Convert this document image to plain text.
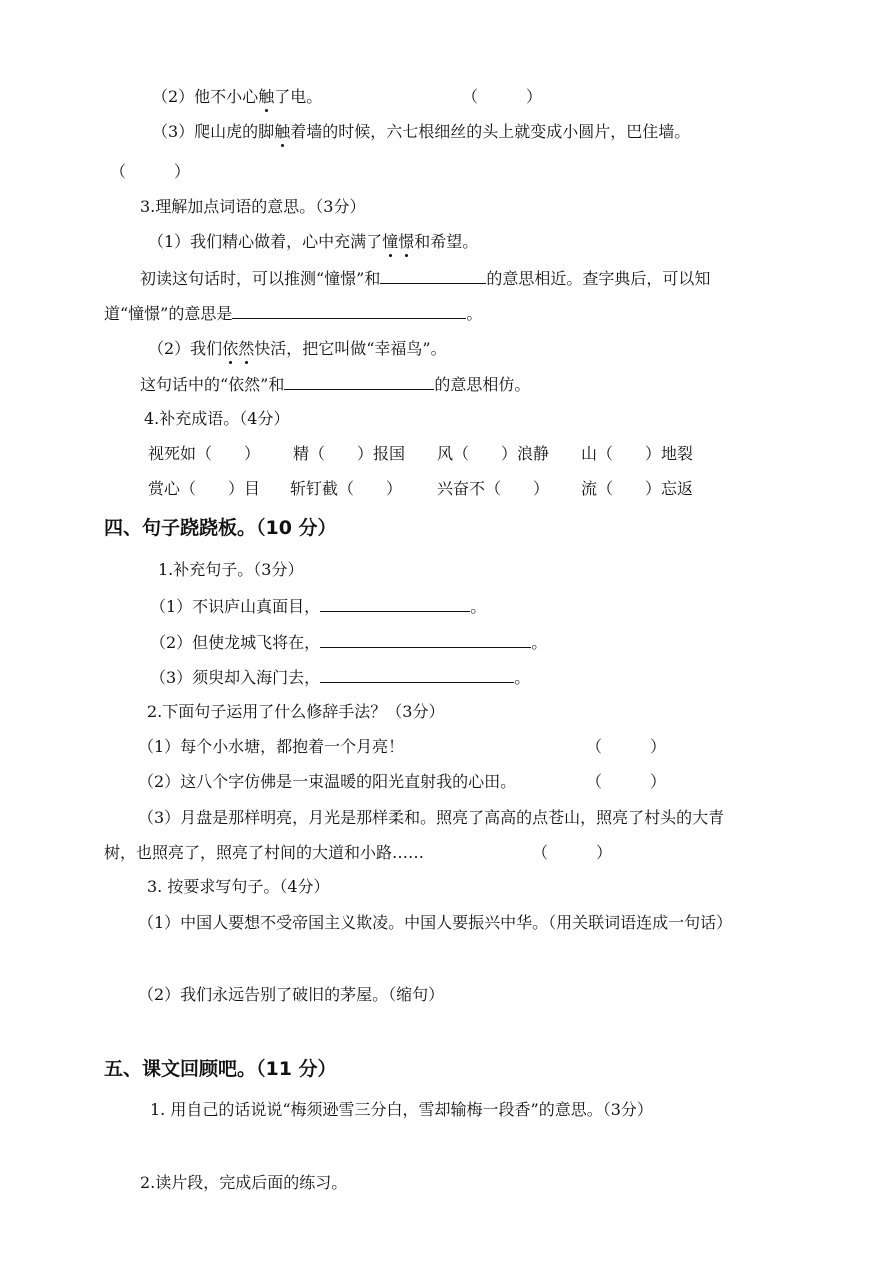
（2）他不小心触了电。	（　　　）
（3）爬山虎的脚触着墙的时候，六七根细丝的头上就变成小圆片，巴住墙。
（　　　）
3.理解加点词语的意思。（3分）
（1）我们精心做着，心中充满了憧憬和希望。
初读这句话时，可以推测“憧憬”和	的意思相近。查字典后，可以知
道“憧憬”的意思是	。
（2）我们依然快活，把它叫做“幸福鸟”。
这句话中的“依然”和	的意思相仿。
4.补充成语。（4分）
视死如（　　） 精（　　）报国 风（　　）浪静 山（　　）地裂
赏心（　　）目 斩钉截（　　） 兴奋不（　　） 流（　　）忘返
四、句子跷跷板。（10 分）
1.补充句子。（3分）
（1）不识庐山真面目，	。
（2）但使龙城飞将在，	。
（3）须臾却入海门去，	。
2.下面句子运用了什么修辞手法？（3分）
（1）每个小水塘，都抱着一个月亮！	（　　　）
（2）这八个字仿佛是一束温暖的阳光直射我的心田。	（　　　）
（3）月盘是那样明亮，月光是那样柔和。照亮了高高的点苍山，照亮了村头的大青
树，也照亮了，照亮了村间的大道和小路……	（　　　）
3. 按要求写句子。（4分）
（1）中国人要想不受帝国主义欺凌。中国人要振兴中华。（用关联词语连成一句话）
（2）我们永远告别了破旧的茅屋。（缩句）
五、课文回顾吧。（11 分）
1. 用自己的话说说“梅须逊雪三分白，雪却输梅一段香”的意思。（3分）
2.读片段，完成后面的练习。
